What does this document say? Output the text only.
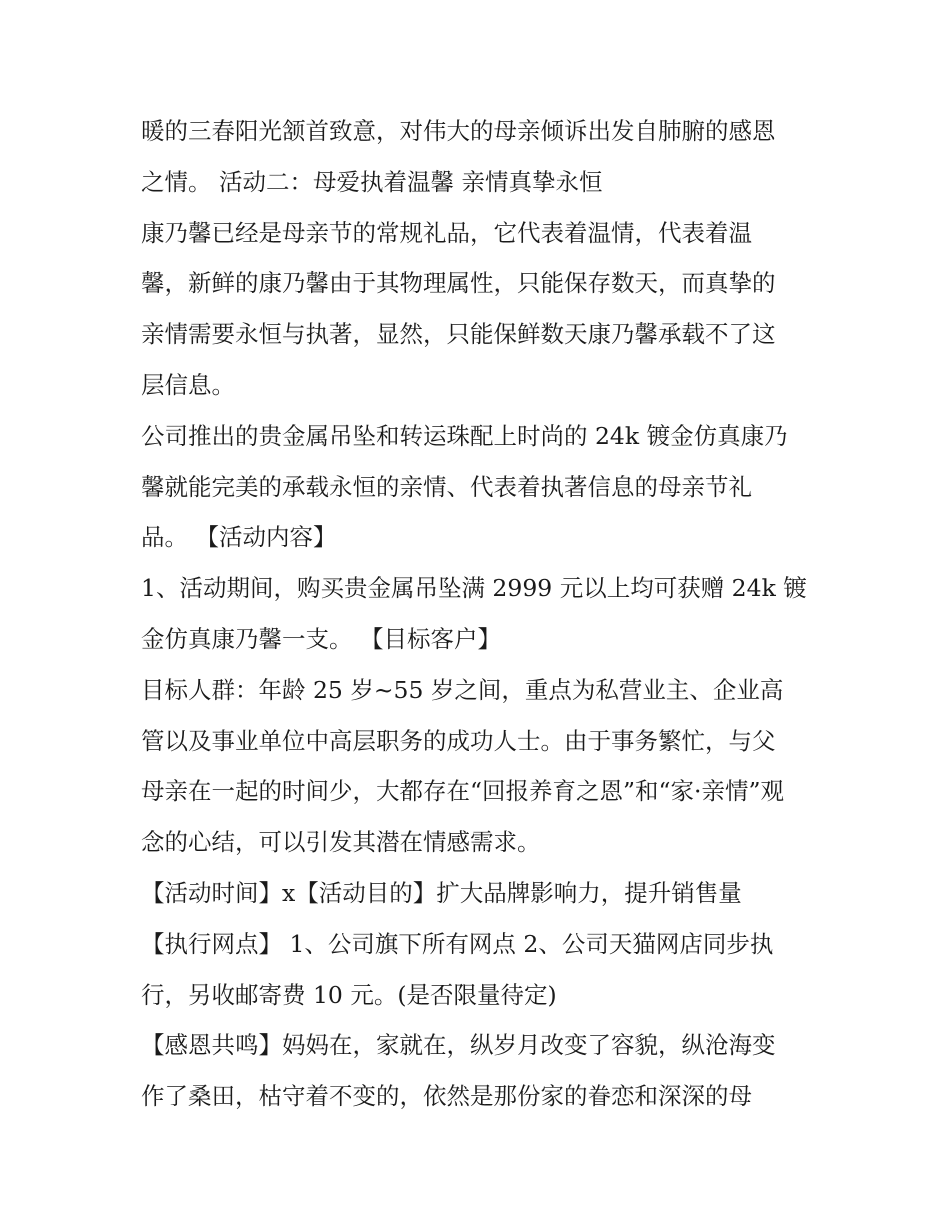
暖的三春阳光颔首致意，对伟大的母亲倾诉出发自肺腑的感恩
之情。 活动二：母爱执着温馨 亲情真挚永恒
康乃馨已经是母亲节的常规礼品，它代表着温情，代表着温
馨，新鲜的康乃馨由于其物理属性，只能保存数天，而真挚的
亲情需要永恒与执著，显然，只能保鲜数天康乃馨承载不了这
层信息。
公司推出的贵金属吊坠和转运珠配上时尚的 24k 镀金仿真康乃
馨就能完美的承载永恒的亲情、代表着执著信息的母亲节礼
品。 【活动内容】
1、活动期间，购买贵金属吊坠满 2999 元以上均可获赠 24k 镀
金仿真康乃馨一支。 【目标客户】
目标人群：年龄 25 岁~55 岁之间，重点为私营业主、企业高
管以及事业单位中高层职务的成功人士。由于事务繁忙，与父
母亲在一起的时间少，大都存在“回报养育之恩”和“家·亲情”观
念的心结，可以引发其潜在情感需求。
【活动时间】x【活动目的】扩大品牌影响力，提升销售量
【执行网点】 1、公司旗下所有网点 2、公司天猫网店同步执
行，另收邮寄费 10 元。(是否限量待定)
【感恩共鸣】妈妈在，家就在，纵岁月改变了容貌，纵沧海变
作了桑田，枯守着不变的，依然是那份家的眷恋和深深的母
